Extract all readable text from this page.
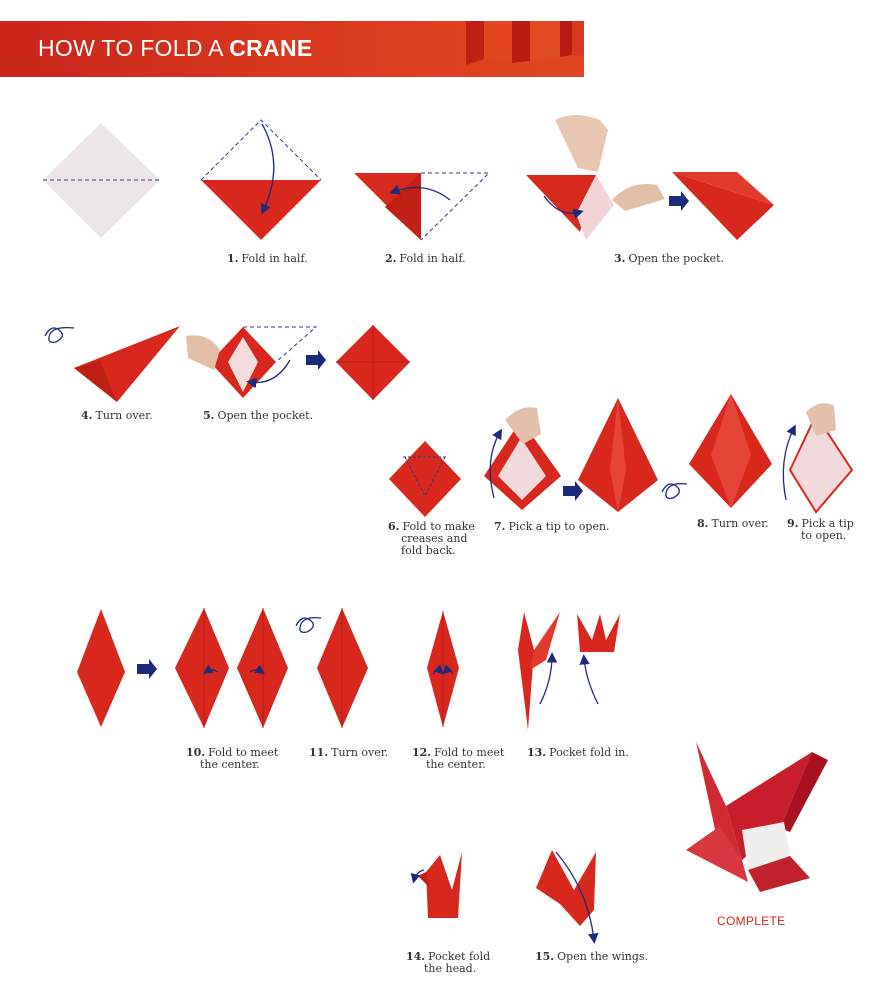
HOW TO FOLD A CRANE
1. Fold in half.	2. Fold in half.	3. Open the pocket.
4. Turn over.	5. Open the pocket.
6. Fold to make
creases and
fold back.
7. Pick a tip to open.	8. Turn over. 9. Pick a tip
to open.
10. Fold to meet
the center.
11. Turn over. 12. Fold to meet
the center.
13. Pocket fold in.
14. Pocket fold
the head.
15. Open the wings.
COMPLETE
